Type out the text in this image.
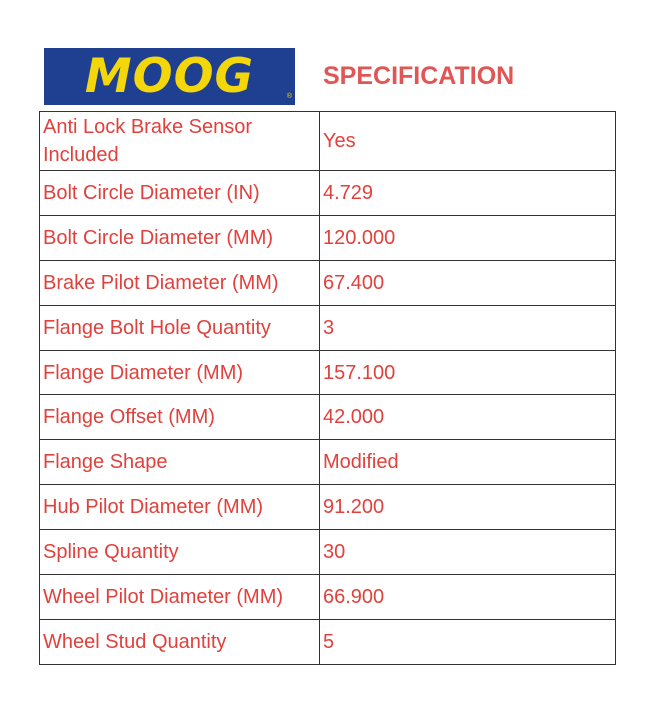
MOOG	®
SPECIFICATION
Anti Lock Brake Sensor Included	Yes
Bolt Circle Diameter (IN)	4.729
Bolt Circle Diameter (MM)	120.000
Brake Pilot Diameter (MM)	67.400
Flange Bolt Hole Quantity	3
Flange Diameter (MM)	157.100
Flange Offset (MM)	42.000
Flange Shape	Modified
Hub Pilot Diameter (MM)	91.200
Spline Quantity	30
Wheel Pilot Diameter (MM)	66.900
Wheel Stud Quantity	5
